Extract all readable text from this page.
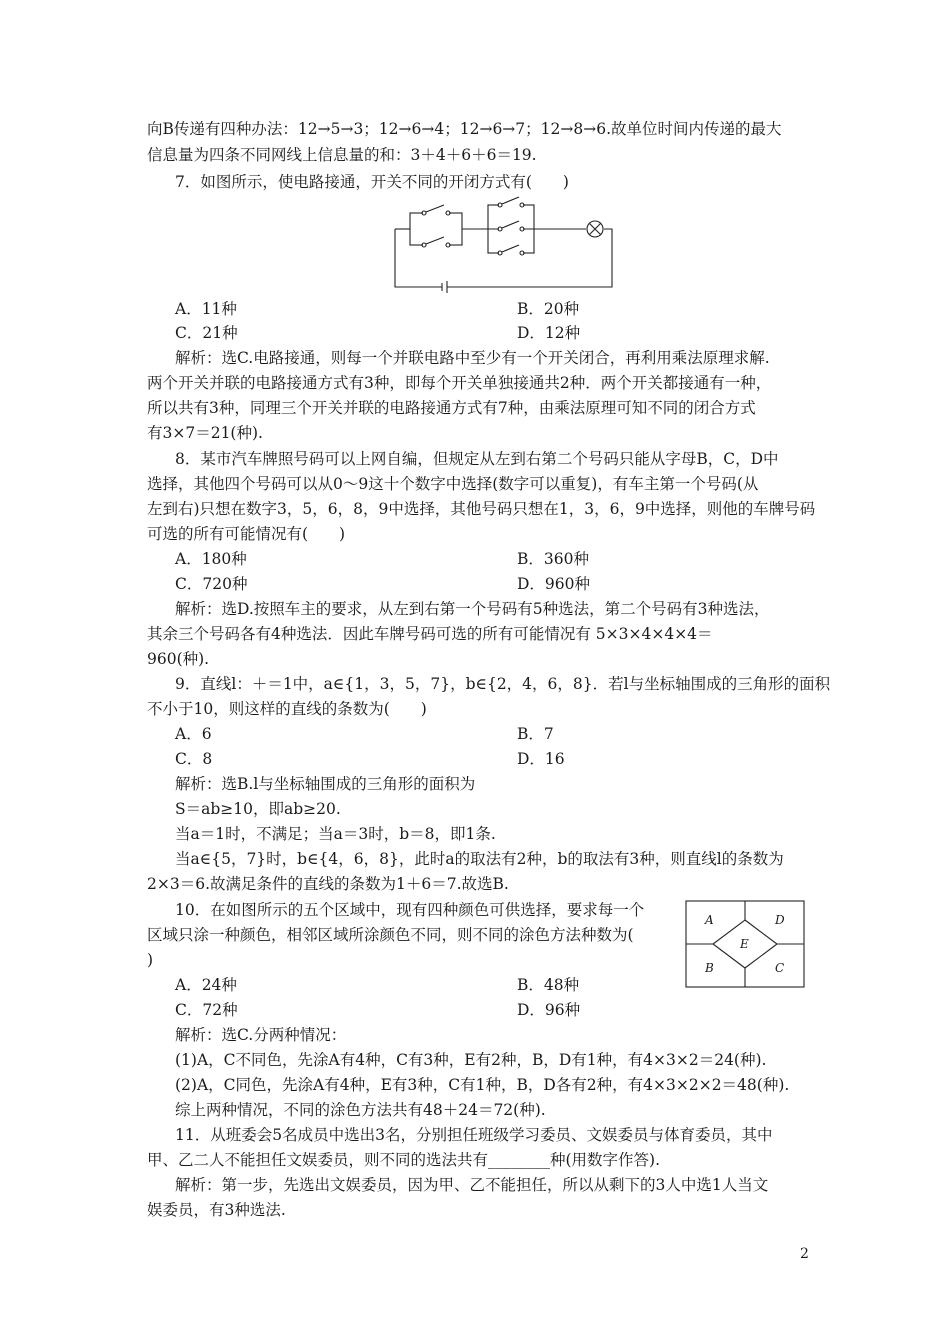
向B传递有四种办法：12→5→3；12→6→4；12→6→7；12→8→6.故单位时间内传递的最大
信息量为四条不同网线上信息量的和：3＋4＋6＋6＝19.
7．如图所示，使电路接通，开关不同的开闭方式有(　　)
A．11种	B．20种
C．21种	D．12种
解析：选C.电路接通，则每一个并联电路中至少有一个开关闭合，再利用乘法原理求解.
两个开关并联的电路接通方式有3种，即每个开关单独接通共2种．两个开关都接通有一种，
所以共有3种，同理三个开关并联的电路接通方式有7种，由乘法原理可知不同的闭合方式
有3×7＝21(种).
8．某市汽车牌照号码可以上网自编，但规定从左到右第二个号码只能从字母B，C，D中
选择，其他四个号码可以从0～9这十个数字中选择(数字可以重复)，有车主第一个号码(从
左到右)只想在数字3，5，6，8，9中选择，其他号码只想在1，3，6，9中选择，则他的车牌号码
可选的所有可能情况有(　　)
A．180种	B．360种
C．720种	D．960种
解析：选D.按照车主的要求，从左到右第一个号码有5种选法，第二个号码有3种选法，
其余三个号码各有4种选法．因此车牌号码可选的所有可能情况有 5×3×4×4×4＝
960(种).
9．直线l：＋＝1中，a∈{1，3，5，7}，b∈{2，4，6，8}．若l与坐标轴围成的三角形的面积
不小于10，则这样的直线的条数为(　　)
A．6	B．7
C．8	D．16
解析：选B.l与坐标轴围成的三角形的面积为
S＝ab≥10，即ab≥20.
当a＝1时，不满足；当a＝3时，b＝8，即1条.
当a∈{5，7}时，b∈{4，6，8}，此时a的取法有2种，b的取法有3种，则直线l的条数为
2×3＝6.故满足条件的直线的条数为1＋6＝7.故选B.
10．在如图所示的五个区域中，现有四种颜色可供选择，要求每一个
区域只涂一种颜色，相邻区域所涂颜色不同，则不同的涂色方法种数为(
)
A	D
E
B	C
A．24种	B．48种
C．72种	D．96种
解析：选C.分两种情况：
(1)A，C不同色，先涂A有4种，C有3种，E有2种，B，D有1种，有4×3×2＝24(种).
(2)A，C同色，先涂A有4种，E有3种，C有1种，B，D各有2种，有4×3×2×2＝48(种).
综上两种情况，不同的涂色方法共有48＋24＝72(种).
11．从班委会5名成员中选出3名，分别担任班级学习委员、文娱委员与体育委员，其中
甲、乙二人不能担任文娱委员，则不同的选法共有________种(用数字作答).
解析：第一步，先选出文娱委员，因为甲、乙不能担任，所以从剩下的3人中选1人当文
娱委员，有3种选法.
2
